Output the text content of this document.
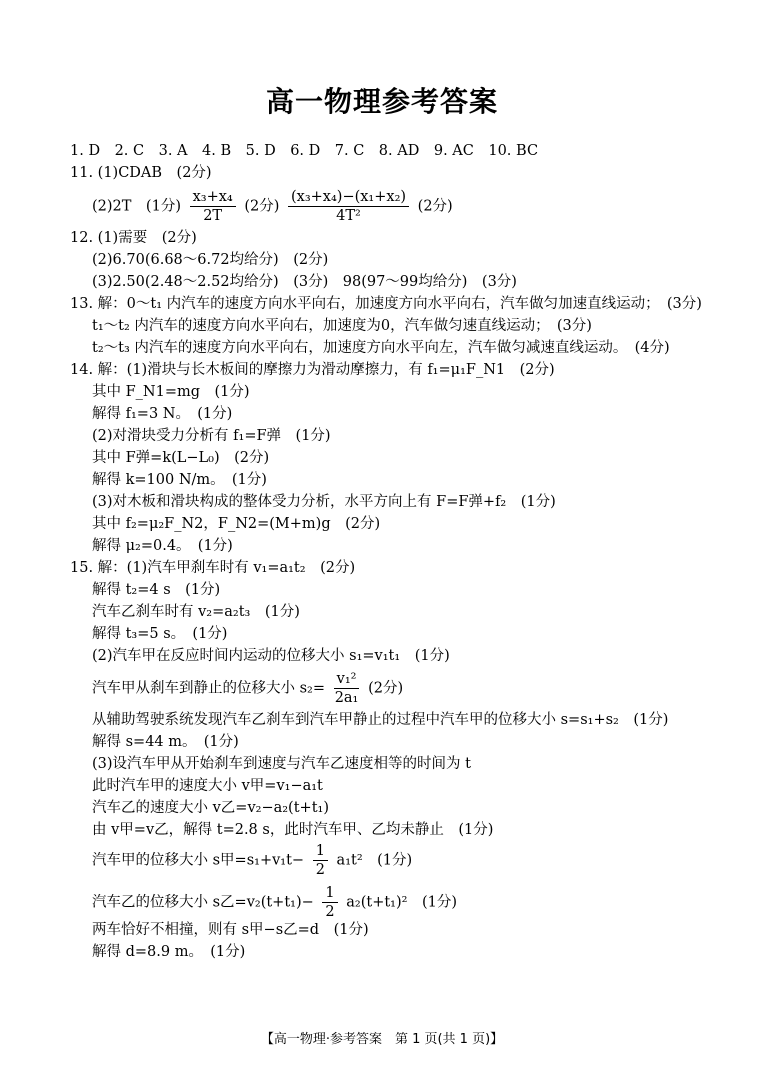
高一物理参考答案
1. D　2. C　3. A　4. B　5. D　6. D　7. C　8. AD　9. AC　10. BC
11. (1)CDAB　(2分)
(2)2T　(1分) $\frac{\text{x₃+x₄}}{2T} (2$分) $\frac{\text{(x₃+x₄)−(x₁+x₂)}}{\text{4T²}} (2$分)
12. (1)需要　(2分)
(2)6.70(6.68～6.72均给分)　(2分)
(3)2.50(2.48～2.52均给分)　(3分)　98(97～99均给分)　(3分)
13. 解：0～t₁ 内汽车的速度方向水平向右，加速度方向水平向右，汽车做匀加速直线运动；　(3分)
t₁～t₂ 内汽车的速度方向水平向右，加速度为0，汽车做匀速直线运动；　(3分)
t₂～t₃ 内汽车的速度方向水平向右，加速度方向水平向左，汽车做匀减速直线运动。　(4分)
14. 解：(1)滑块与长木板间的摩擦力为滑动摩擦力，有 f₁=μ₁F_N1　(2分)
其中 F_N1=mg　(1分)
解得 f₁=3 N。　(1分)
(2)对滑块受力分析有 f₁=F弹　(1分)
其中 F弹=k(L−L₀)　(2分)
解得 k=100 N/m。　(1分)
(3)对木板和滑块构成的整体受力分析，水平方向上有 F=F弹+f₂　(1分)
其中 f₂=μ₂F_N2，F_N2=(M+m)g　(2分)
解得 μ₂=0.4。　(1分)
15. 解：(1)汽车甲刹车时有 v₁=a₁t₂　(2分)
解得 t₂=4 s　(1分)
汽车乙刹车时有 v₂=a₂t₃　(1分)
解得 t₃=5 s。　(1分)
(2)汽车甲在反应时间内运动的位移大小 s₁=v₁t₁　(1分)
汽车甲从刹车到静止的位移大小 $s_2= \frac{\text{v₁²}}{\text{2a₁}} (2$分)
从辅助驾驶系统发现汽车乙刹车到汽车甲静止的过程中汽车甲的位移大小 s=s₁+s₂　(1分)
解得 s=44 m。　(1分)
(3)设汽车甲从开始刹车到速度与汽车乙速度相等的时间为 t
此时汽车甲的速度大小 v甲=v₁−a₁t
汽车乙的速度大小 v乙=v₂−a₂(t+t₁)
由 v甲=v乙，解得 t=2.8 s，此时汽车甲、乙均未静止　(1分)
汽车甲的位移大小 s甲$=s_1+v_1t- \frac{1}{2} a_1t^2$　(1分)
汽车乙的位移大小 s乙$=v_2(t+t_1)- \frac{1}{2} a_2(t+t_1)^2$　(1分)
两车恰好不相撞，则有 s甲−s乙=d　(1分)
解得 d=8.9 m。　(1分)
【高一物理·参考答案　第 1 页(共 1 页)】
